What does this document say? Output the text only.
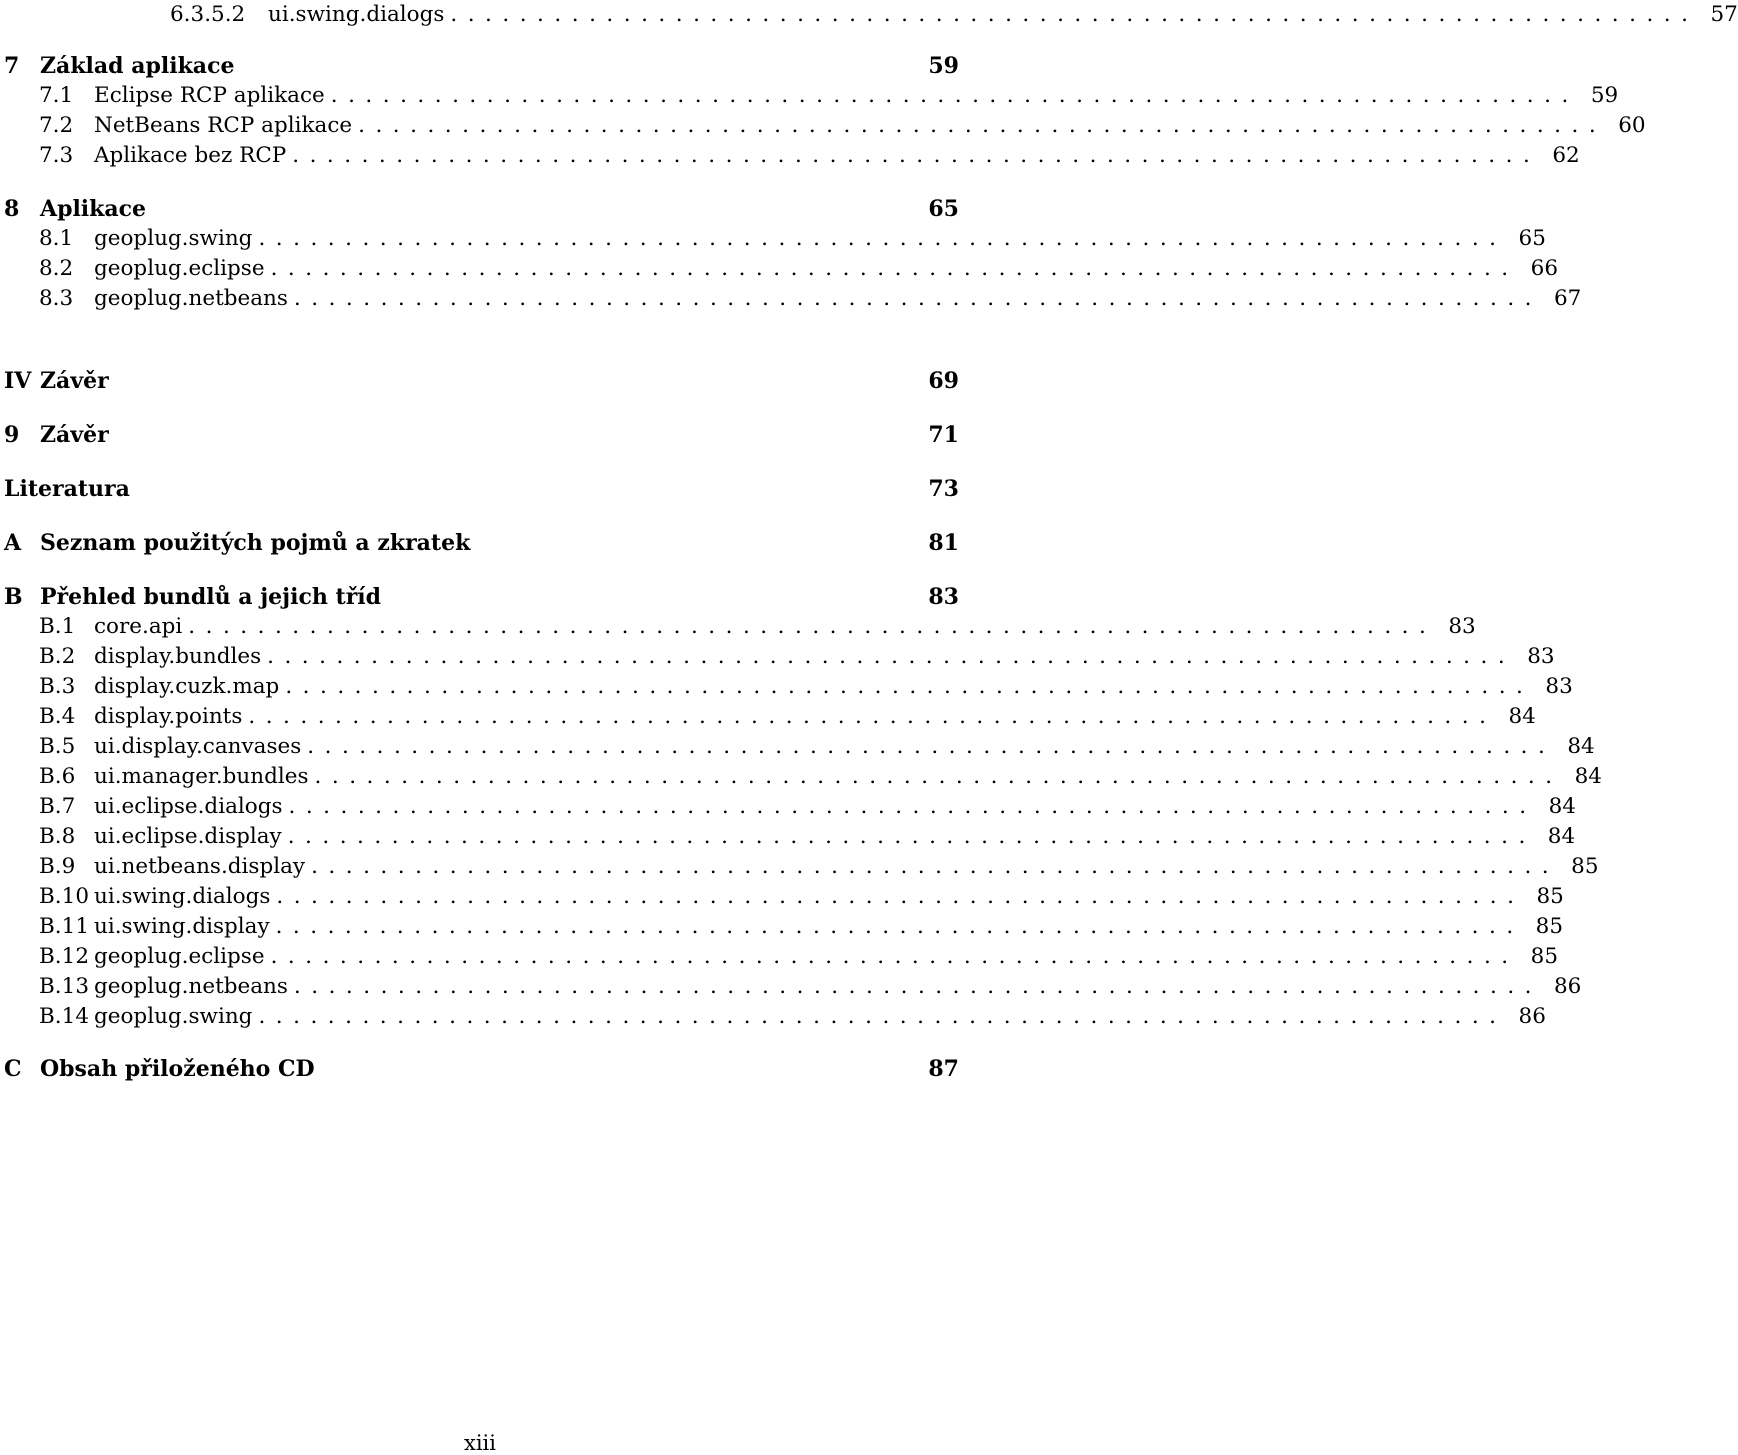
6.3.5.2	ui.swing.dialogs ........................................................................ 57
7 Základ aplikace	59
7.1 Eclipse RCP aplikace ........................................................................ 59
7.2 NetBeans RCP aplikace ........................................................................ 60
7.3 Aplikace bez RCP ........................................................................ 62
8 Aplikace	65
8.1 geoplug.swing ........................................................................ 65
8.2 geoplug.eclipse ........................................................................ 66
8.3 geoplug.netbeans ........................................................................ 67
IV Závěr	69
9 Závěr	71
Literatura	73
A Seznam použitých pojmů a zkratek	81
B Přehled bundlů a jejich tříd	83
B.1 core.api ........................................................................ 83
B.2 display.bundles ........................................................................ 83
B.3 display.cuzk.map ........................................................................ 83
B.4 display.points ........................................................................ 84
B.5 ui.display.canvases ........................................................................ 84
B.6 ui.manager.bundles ........................................................................ 84
B.7 ui.eclipse.dialogs ........................................................................ 84
B.8 ui.eclipse.display ........................................................................ 84
B.9 ui.netbeans.display ........................................................................ 85
B.10 ui.swing.dialogs ........................................................................ 85
B.11 ui.swing.display ........................................................................ 85
B.12 geoplug.eclipse ........................................................................ 85
B.13 geoplug.netbeans ........................................................................ 86
B.14 geoplug.swing ........................................................................ 86
C Obsah přiloženého CD	87
xiii
